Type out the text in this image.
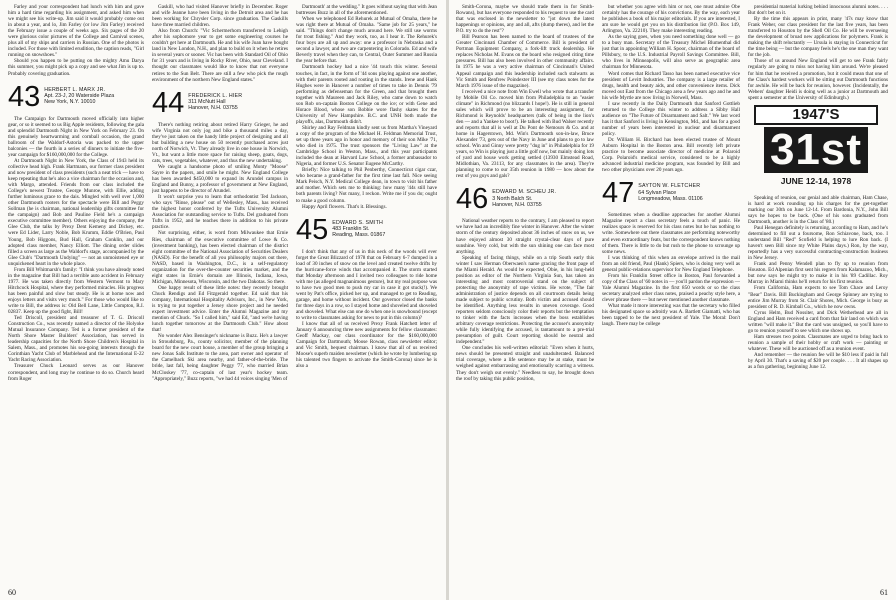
Farley and your correspondent had lunch with him and gave him a hard time regarding his assignment, and asked him when we might see his write-up. Jim said it would probably come out in about a year, and lo, Jim Farley (or low Jim Farley) received the February issue a couple of weeks ago. Six pages of the 20 were glorious color pictures of the College and Carnival scenes, plus all of my ships and carriers in Russian. One of the photos is included. For those with limited erudition, the caption reads, "Girl running on snowshoes."

Should you happen to be putting on the mighty Amu Darya this summer, you might pick up a copy and see what Jim is up to. Probably covering graduation.

43 HERBERT L. MARX JR.
Apt. 23-J, 20 Waterside Plaza
New York, N.Y. 10010

The Campaign for Dartmouth moved officially into higher gear, or so it seemed to us Big Apple residents, following the gala and splendid Dartmouth Night in New York on February 23. On this genuinely heartwarming and cornball occasion, the grand ballroom of the Waldorf-Astoria was packed to the upper balconies — the fourth in a series of dinners to initiate the five-year campaign for $160,000,000 for the College.

At Dartmouth Night in New York, the Class of 1943 held its collective head high. Frank Hartmann, our former class president and now president of class presidents (such a neat trick — have to keep repeating that he's also a vice chairman for the occasion and, with Margo, attended. Friends from our class included the College's newest Trustee, George Munroe, with Ellie, adding further luminous grace to the dais. Mingled with well over 1,000 other Dartmouth rooters for the spectacle were Bill and Peggy Sollman (he is chairman, national leadership gifts committee for the campaign) and Bob and Pauline Field he's a campaign executive committee member). Others enjoying the company, the Glee Club, the talks by Prexy Dent Kemeny and Dickey, etc. were Ed Lider, Larry Noble, Bob Krumm, Eddie O'Brien, Paul Young, Bob Higgons, Bud Hall, Graham Conklin, and our adopted class member, Nancy Elliott. The dining order slides filled a screen as large as the Waldorf's stage, accompanied by the Glee Club's "Dartmouth Undying" — not an unmoistened eye or unquickened heart in the whole place.

From Bill Whitmarsh's family: "I think you have already noted in the magazine that Bill had a terrible auto accident in February 1977. He was taken directly from Western Vermont to Mary Hitchcock Hospital, where they performed miracles. His progress has been painful and slow but steady. He is at home now and enjoys letters and visits very much." For those who would like to write to Bill, the address is: Old Bell Lane, Little Compton, R.I. 02837. Keep up the good fight, Bill!

Ted Driscoll, president and treasurer of T. G. Driscoll Construction Co., was recently named a director of the Holyoke Mutual Insurance Company. Ted is a former president of the North Shore Master Builders' Association, has served in leadership capacities for the North Shore Children's Hospital in Salem, Mass., and promotes his sea-going interests through the Corinthian Yacht Club of Marblehead and the International E-22 Yacht Racing Association.

Treasurer Chuck Leonard serves as our Hanover correspondent, and long may he continue to do so. Church heard from Roger

Gaskill, who had visited Hanover briefly in December. Roger and wife Jeanne have been living in the Detroit area and he has been working for Chrysler Corp. since graduation. The Gaskills have three married children.

Also from Church: "Vic Schermerhorn transferred to Lehigh after his sophomore year to get some engineering courses he couldn't get here at Dartmouth. He and his wife Joan have bought land in New London, N.H., and plan to build on it when he retires in several years or sooner. Vic has been with Standard Oil of Ohio for 31 years and is living in Rocky River, Ohio, near Cleveland. I thought our classmates would like to know that not everyone retires to the Sun Belt. There are still a few who pick the rough environment of the northern New England states."

44 FREDERICK L. HIER
311 McNutt Hall
Hanover, N.H. 03755

There's nothing retiring about retired Harry Grieger, he and wife Virginia not only jog and bike a thousand miles a day, they've just taken on the handy little project of designing and all but building a new house on 50 recently purchased acres just north of Norwich, Vt. They already live in one house in Norwich, Vt., but want a little more space for raising sheep, goats, dogs, cats, trees, vegetables, whatever, and thus the new undertaking.

We caught a handsome photo of smiling Monty "Moose" Sayre in the papers, and smile he might. New England College has been awarded $450,000 to expand its Arundel campus in England and Bunny, a professor of government at New England, just happens to be director of Arundel.

It won't surprise you to learn that orthodontist Ted Jackson, who says "Rinse, please" out of Wellesley, Mass., has received the highest honor conferred by the Tufts University Alumni Association for outstanding service to Tufts. Del graduated from Tufts in 1952, and he teaches there in addition to his private practice.

Not surprising, either, is word from Milwaukee that Ernie Ries, chairman of the executive committee of Lowe & Co. (investment banking), has been elected chairman of the district eight committee of the National Association of Securities Dealers (NASD). For the benefit of all you philosophy majors out there, NASD, based in Washington, D.C., is a self-regulatory organization for the over-the-counter securities market, and the eight states in Ernie's domain are Illinois, Indiana, Iowa, Michigan, Minnesota, Wisconsin, and the two Dakotas. So there.

One happy result of these little notes: they recently brought Chuck Rendigs and Ed Fitzgerald together. Ed said that his company, International Hospitality Advisors, Inc., in New York, is trying to put together a Jersey shore project and he needed expert investment advice. Enter the Alumni Magazine and my mention of Chuck. "So I called him," said Ed, "and we're having lunch together tomorrow at the Dartmouth Club." How about that!

No wonder Alex Bensinger's nickname is Buzz. He's a lawyer in Stroudsburg, Pa., county solicitor, member of the planning board for the new court house, a member of the group bringing a new Jonas Salk Institute to the area, part owner and operator of the Camelback Ski area nearby, and father-of-the-bride. The bride, last fall, being daughter Peggy '77, who married Brian McCloskey '77, co-captain of last year's hockey team. "Appropriately," Buzz reports, "we had 44 voices singing 'Men of

Dartmouth' at the wedding." It goes without saying that with Jean buttresses Buzz in all of the aforementioned.

When we telephoned Ed Rehurek at Mutual of Omaha, there he was right there at Mutual of Omaha. "Same job for 25 years," he said. "Things don't change much around here. We still use worms for trout fishing." And they work, too, as I hear it. The Rehurek's four boys are all up and away: one a professor in Nebraska and a second a lawyer, and two are carpentering in Colorado. Ed and wife Beverly travel when they can, to Central, Outer Summer and Russia the year before that.

Dartmouth hockey had a nice '44 touch this winter. Several touches, in fact, in the form of '44 sons playing against one another, with their parents rooted and rooting in the stands. Irene and Hank Hughes were in Hanover a number of times to take in Dennis '79 performing as defenseman for the Green, and that brought them together with Maureen and Jack Riley, who came down to watch son Rob on-captain Boston College on the ice; or with Gene and Horace Blood, whose son Bobbie wore flashy skates for the University of New Hampshire. B.C. and UNH both made the playoffs, alas, Dartmouth didn't.

Shirley and Ray Feldman kindly sent us from Martha's Vineyard a copy of the program of the Michael H. Feldman Memorial Trust, set up three years ago in honor and memory of their son Mike '71, who died in 1975. The trust sponsors the "Living Law" at the Cambridge School in Weston, Mass., and this year participants included the dean at Harvard Law School, a former ambassador to Nigeria, and former U.S. Senator Eugene McCarthy.

Briefly: Nice talking to Phil Penberthy, Connecticut cigar czar, who became a grand-father for the first time last fall. Nice seeing Mark Peisch, N.Y. Medical College dean, in town to visit his father and mother. Which sets me to thinking: how many '44s still have both parents living? Not many, I reckon. Write me if you do; ought to make a good column.

Happy April flowers. That's it. Blessings.

45 EDWARD S. SMITH
483 Franklin St.
Reading, Mass. 01867

I don't think that any of us in this neck of the woods will ever forget the Great Blizzard of 1978 that on February 6-7 dumped in a load of 30 inches of snow on the level and created twelve drifts by the hurricane-force winds that accompanied it. The storm started that Monday afternoon and I invited two colleagues to ride home with me (as alleged magnanimous gesture), but my real purpose was to have two good men to push my car in case it got stuck(!). We went by Pat's office, picked her up, and managed to get to Reading, garage, and home without incident. Our governor closed the banks for three days in a row, so I stayed home and shoveled and shoveled and shoveled. What else can one do when one is snowbound (except to write to classmates asking for news to put in this column)?

I know that all of us received Prexy Frank Hatchett letter of January 6 announcing three new assignments for fellow classmates: Geoff Mackay, our class coordinator for the $160,000,000 Campaign for Dartmouth; Moose Rowan, class newsletter editor; and Vic Smith, bequest chairman. I know that all of us received Moose's superb maiden newsletter (which he wrote by lumbering up his talented two fingers to activate the Smith-Corona) since he is also a

60

Smith-Corona, maybe we should trade them in for Smith-Rowans), but has everyone responded to his request to use the card that was enclosed in the newsletter to "jot down the latest happenings or opinions, any and all, afts (dump theres), and let the P.O. try to do the rest"?

Bill Pearson has been named to the board of trustees of the Greater Cincinnati Chamber of Commerce. Bill is president of Portman Equipment Company, a fork-lift truck dealership. He replaces Nicholas M. Evans on the board who resigned citing time pressures. Bill has also been involved in other community affairs. In 1975 he was a very active chairman of Cincinnati's United Appeal campaign and this leadership included such stalwarts as Vic Smith and Renfrew Poindexter III (see my class notes for the March 1976 issue of the magazine).

I received a nice note from Win Ewell who wrote that a transfer by Mobile Oil Co. moved him from Philadelphia to an "easier climate" in Richmond (no blizzards I hope!). He is still in general sales which will prove to be an interesting assignment, for Richmond is Reynolds' headquarters (talk of being in the lion's den — and a Yankee to boot!). He talked with Bud Walser recently and reports that all is well at Du Pont de Nemours & Co. and at home in Hagerstown, Md. Win's Dartmouth son-in-law, Bruce Alexander '73, gets out of the Navy in June and plans to go to law school. Win and Ginny were pretty "dug in" in Philadelphia for 19 years, so Win is playing just a little golf now, but mainly doing lots of yard and house work getting settled (13930 Elmstead Road, Midlothian, Va. 23113, for any classmates in the area). They're planning to come to our 35th reunion in 1980 — how about the rest of you guys and gals?

46 EDWARD M. SCHEU JR.
3 North Balch St.
Hanover, N.H. 03755

National weather reports to the contrary, I am pleased to report we have had an incredibly fine winter in Hanover. After the winter storm of the century deposited about 36 inches of snow on us, we have enjoyed almost 30 straight crystal-clear days of pure sunshine. Very cold, but with the sun shining one can face most anything.

Speaking of facing things, while on a trip South early this winter I saw Herman Oberwaen's name gracing the front page of the Miami Herald. As would be expected, Obie, in his long-held position as editor of the Northern Virginia Sun, has taken an interesting and most controversial stand on the subject of protecting the anonymity of rape victims. He wrote, "The fair administration of justice depends on all courtroom details being made subject to public scrutiny. Both victim and accused should be identified. Anything less results in uneven coverage. Good reporters seldom consciously color their reports but the temptation to tinker with the facts increases when the boss establishes arbitrary coverage restrictions. Protecting the accuser's anonymity while fully identifying the accused, is tantamount to a pre-trial presumption of guilt. Court reporting should be neutral and independent."

One concludes his well-written editorial: "Even when it hurts, news should be presented straight and unadulterated. Balanced trial coverage, where a life sentence may be at stake, must be weighed against embarrassing and emotionally scarring a witness. They don't weigh out evenly." Needless to say, he brought down the roof by taking this public position,

but whether you agree with him or not, one must admire Obe certainly has the courage of his convictions. By the way, each year he publishes a book of his major editorials. If you are interested, I am sure he would get you on his distribution list (P.O. Box 149, Arlington, Va. 22210). They make interesting reading.

As the saying goes, when you need something done well — go to a busy man. Secretary of the Treasury Michel Blumenthal did just that in appointing William H. Spoor, chairman of the board of Pillsbury, to the U.S. Industrial Payroll Savings Committee. Bill, who lives in Minneapolis, will also serve as geographic area chairman for Minnesota.

Word comes that Richard Tasso has been named executive vice president of Levitt Industries. The company is a large retailer of drugs, health and beauty aids, and other convenience items. Dick moved out East from the Chicago area a few years ago and he and his wife Myrtle are now living in Norwell, Mass.

I saw recently in the Daily Dartmouth that Sanford Gottlieb returned to the College this winter to address a Sibby Hall audience on "The Future of Disarmament and Salt." We last word has it that Sanford is living in Kensington, Md., and has for a good number of years been interested in nuclear and disarmament policy.

Dr. William H. Birchard has been elected trustee of Mount Auburn Hospital in the Boston area. Bill recently left private practice to become associate director of medicine at Polaroid Corp. Polaroid's medical service, considered to be a highly advanced industrial medicine program, was founded by Bill and two other physicians over 20 years ago.

47 SAYTON W. FLETCHER
64 Sylvan Place
Longmeadow, Mass. 01106

Sometimes when a deadline approaches for another Alumni Magazine report a class secretary feels a touch of panic. He realizes space is reserved for his class notes but he has nothing to write. Somewhere out there classmates are performing noteworthy and even extraordinary feats, but the correspondent knows nothing of them. There is little to do but rush to the phone to scrounge up some news.

I was thinking of this when an envelope arrived in the mail from an old friend, Paul (Hank) Spiers, who is doing very well as general public-relations supervisor for New England Telephone.

From his Franklin Street office in Boston, Paul forwarded a copy of the Class of '60 notes in — you'll pardon the expression — Yale Alumni Magazine. In the first 850 words or so the class secretary analyzed other class notes, praised a peachy style here, a clever phrase there — but never mentioned another classmate.

What made it more interesting was that the secretary who filled his designated space so adroitly was A. Bartlett Giamatti, who has been tapped to be the next president of Yale. The Moral: Don't laugh. There may be college

presidential material lurking behind innocuous alumni notes. . . . But don't bet on it.

By the time this appears in print, many '47s may know that Frank Weber, our class president for the last five years, has been transferred to Houston by the Shell Oil Co. He will be overseeing the development of broad new applications for polymers. Frank is making the shift reluctantly — Ursula is staying in Connecticut for the time being — but the company feels he's the one man they want for the job.

Those of us around New England will get to see Frank fairly regularly are going to miss not having him around. We're pleased for him that he received a promotion, but it could mean that one of the Class's hardest workers will be sitting out Dartmouth functions for awhile. He will be back for reunion, however. (Incidentally, the Webers' daughter Heidi is doing well as a junior at Dartmouth and spent a semester at the University of Edinburgh.)

1947'S
31st
JUNE 12-14, 1978

Speaking of reunion, our genial and able chairman, Ham Chase, is hard at work rounding up his charges for the get-together marking our 30th on June 12-14. From Bardonia, N.Y., John Bill says he hopes to be back. (One of his sons graduated from Dartmouth, another is in the Class of '80.)

Paul Henegan definitely is returning, according to Ham, and he's determined to fill out a foursome, Ron Schiavone, back, too. I understand Bill "Red" Scofield is helping to lure Ron back. (I haven't seen Bill since my White Plains days.) Ron, by the way, reportedly has a very successful contracting-construction business in New Jersey.

Frank and Penny Wendell plan to fly up to reunion from Houston. Ed Alpenian first sent his regrets from Kalamazoo, Mich., but now says he might try to make it in his '89 Cadillac. Roy Murray in Miami thinks he'll return for his first reunion.

From California, Ham expects to see Tom Chace and Leroy "Bear" Davis. Bill Buckingham and George Spinney are trying to entice Jim Murray from St. Clair Shores, Mich. George is busy as president of R. D. Kimball Co., which he now owns.

Cyrus Helm, Bud Nossiter, and Dick Wetherbead are all in England and Ham received a card from that fair land on which was written "will make it." But the card was unsigned, so you'll have to go to reunion yourself to see which one shows up.

Ham stresses two points. Classmates are urged to bring back to reunion a sample of their hobby or craft work — painting or whatever. These will be auctioned off as a reunion event.

And remember — the reunion fee will be $10 less if paid in full by April 30. That's a saving of $20 per couple. . . . It all shapes up as a fun gathering, beginning June 12.

61
